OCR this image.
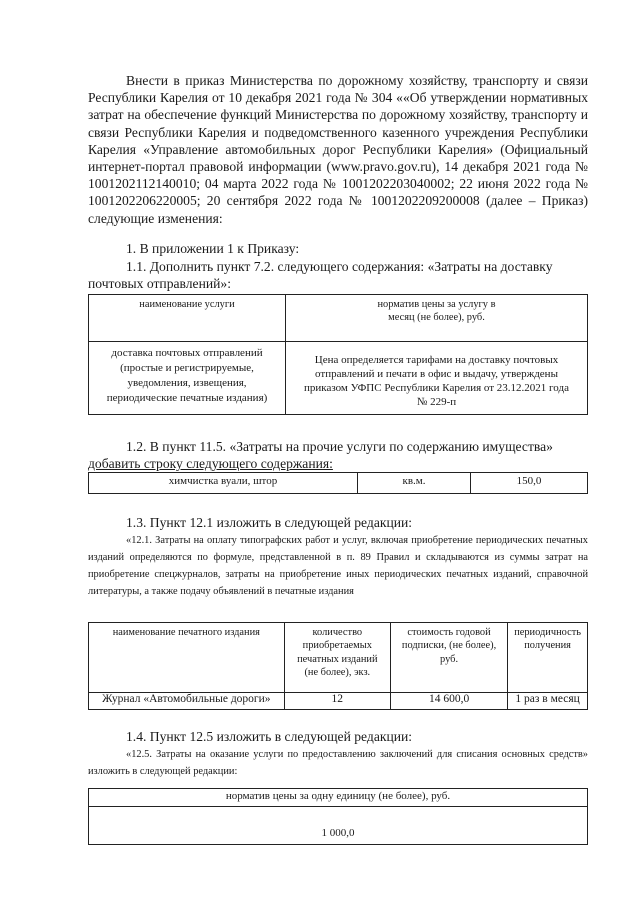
Внести в приказ Министерства по дорожному хозяйству, транспорту и связи Республики Карелия от 10 декабря 2021 года № 304 ««Об утверждении нормативных затрат на обеспечение функций Министерства по дорожному хозяйству, транспорту и связи Республики Карелия и подведомственного казенного учреждения Республики Карелия «Управление автомобильных дорог Республики Карелия» (Официальный интернет-портал правовой информации (www.pravo.gov.ru), 14 декабря 2021 года № 1001202112140010; 04 марта 2022 года № 1001202203040002; 22 июня 2022 года № 1001202206220005; 20 сентября 2022 года № 1001202209200008 (далее – Приказ) следующие изменения:
1. В приложении 1 к Приказу:
1.1. Дополнить пункт 7.2. следующего содержания: «Затраты на доставку
почтовых отправлений»:
наименование услуги	норматив цены за услугу в месяц (не более), руб.
доставка почтовых отправлений (простые и регистрируемые, уведомления, извещения, периодические печатные издания)	Цена определяется тарифами на доставку почтовых отправлений и печати в офис и выдачу, утверждены приказом УФПС Республики Карелия от 23.12.2021 года № 229-п
1.2. В пункт 11.5. «Затраты на прочие услуги по содержанию имущества»
добавить строку следующего содержания:
химчистка вуали, штор	кв.м.	150,0
1.3. Пункт 12.1 изложить в следующей редакции:
«12.1. Затраты на оплату типографских работ и услуг, включая приобретение периодических печатных изданий определяются по формуле, представленной в п. 89 Правил и складываются из суммы затрат на приобретение спецжурналов, затраты на приобретение иных периодических печатных изданий, справочной литературы, а также подачу объявлений в печатные издания
наименование печатного издания	количество приобретаемых печатных изданий (не более), экз.	стоимость годовой подписки, (не более), руб.	периодичность получения
Журнал «Автомобильные дороги»	12	14 600,0	1 раз в месяц
1.4. Пункт 12.5 изложить в следующей редакции:
«12.5. Затраты на оказание услуги по предоставлению заключений для списания основных средств» изложить в следующей редакции:
норматив цены за одну единицу (не более), руб.
1 000,0
